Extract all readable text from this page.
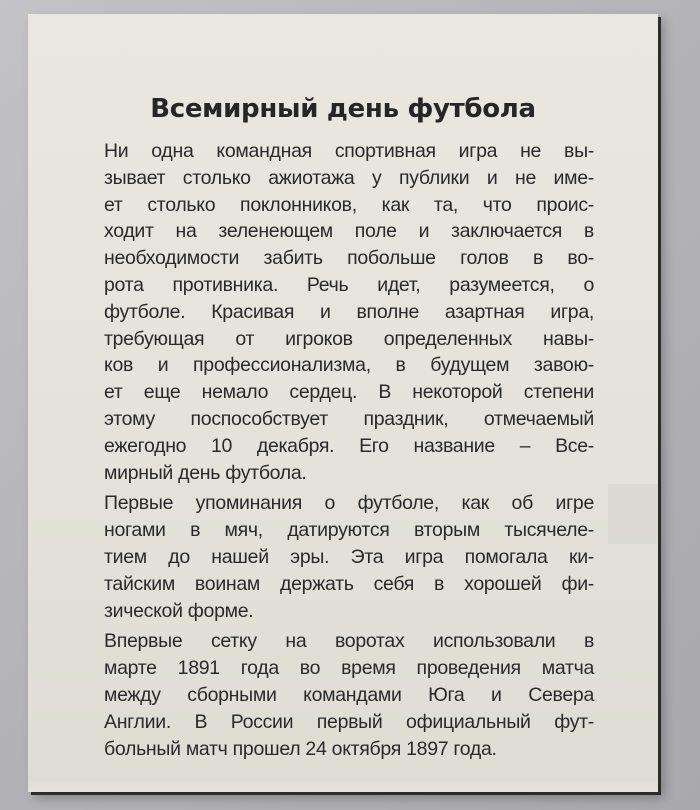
Всемирный день футбола
Ни одна командная спортивная игра не вы-
зывает столько ажиотажа у публики и не име-
ет столько поклонников, как та, что проис-
ходит на зеленеющем поле и заключается в
необходимости забить побольше голов в во-
рота противника. Речь идет, разумеется, о
футболе. Красивая и вполне азартная игра,
требующая от игроков определенных навы-
ков и профессионализма, в будущем завою-
ет еще немало сердец. В некоторой степени
этому поспособствует праздник, отмечаемый
ежегодно 10 декабря. Его название – Все-
мирный день футбола.
Первые упоминания о футболе, как об игре
ногами в мяч, датируются вторым тысячеле-
тием до нашей эры. Эта игра помогала ки-
тайским воинам держать себя в хорошей фи-
зической форме.
Впервые сетку на воротах использовали в
марте 1891 года во время проведения матча
между сборными командами Юга и Севера
Англии. В России первый официальный фут-
больный матч прошел 24 октября 1897 года.
